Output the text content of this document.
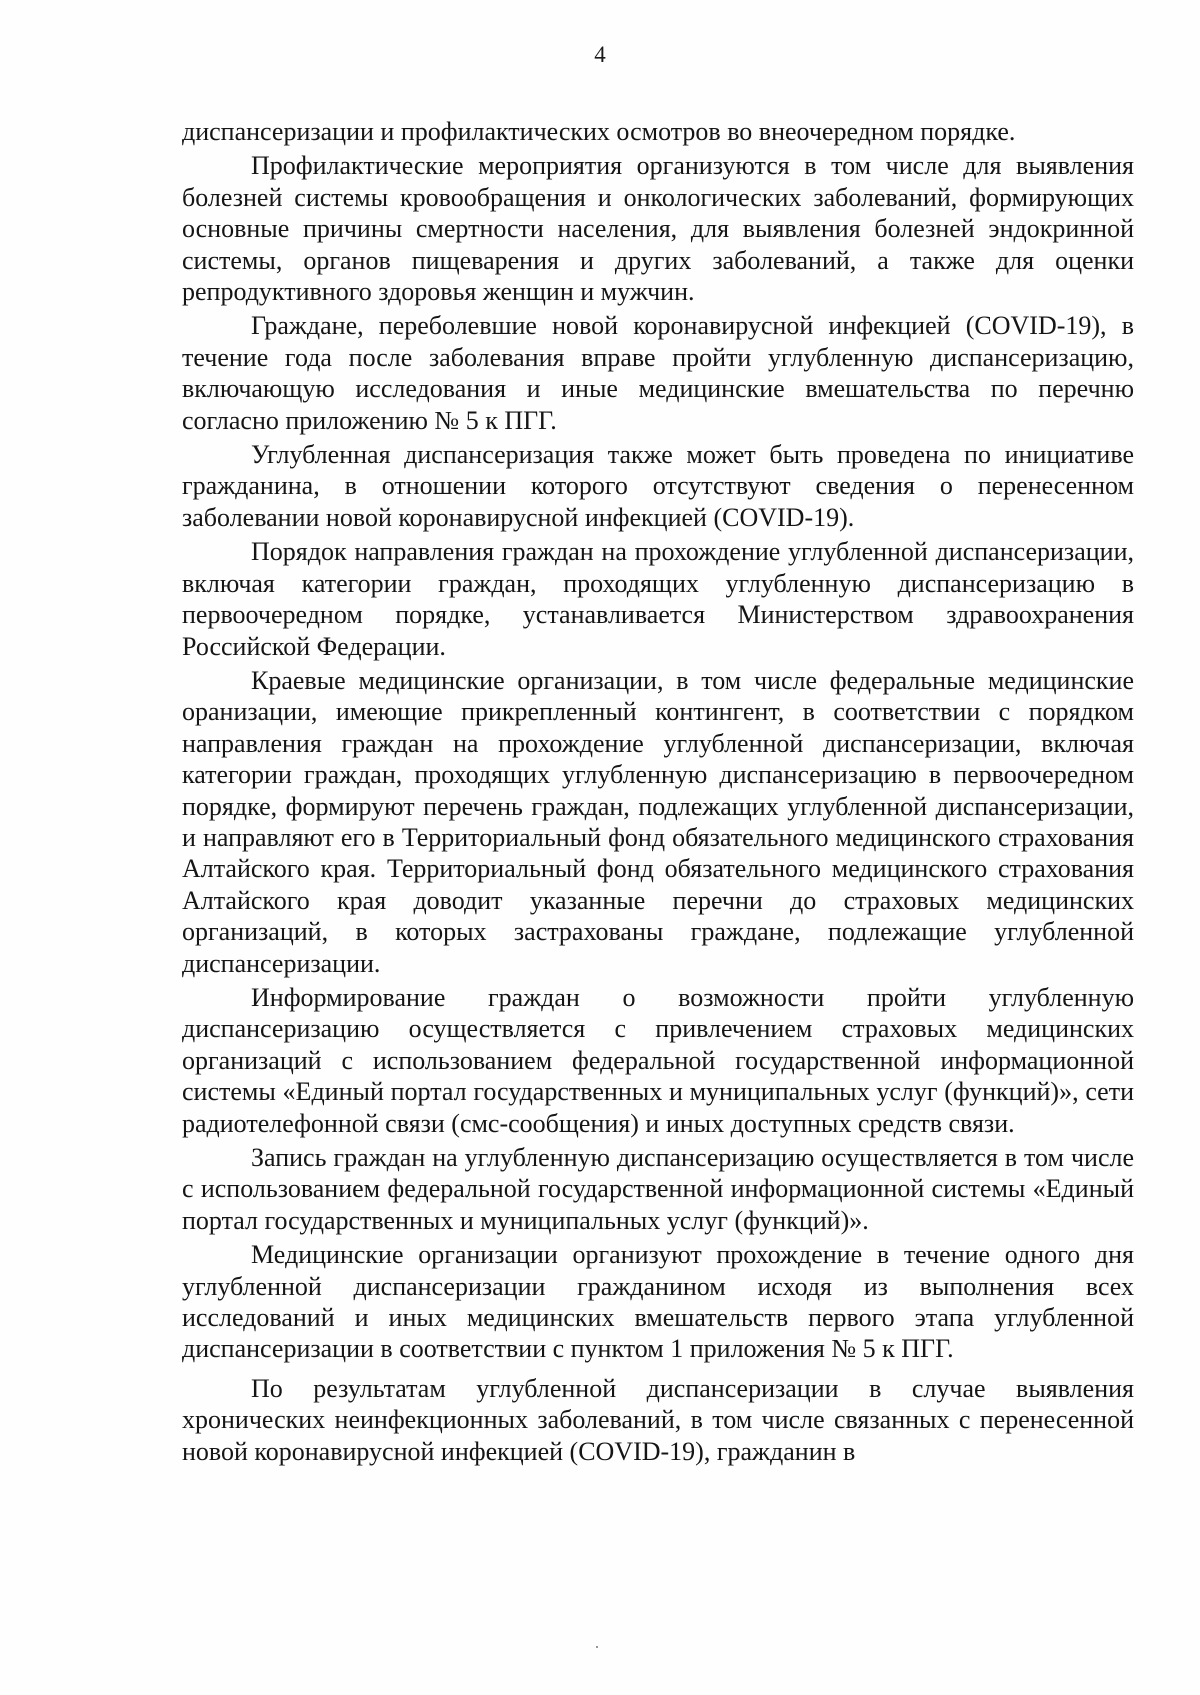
4

диспансеризации и профилактических осмотров во внеочередном порядке.

Профилактические мероприятия организуются в том числе для выявления болезней системы кровообращения и онкологических заболеваний, формирующих основные причины смертности населения, для выявления болезней эндокринной системы, органов пищеварения и других заболеваний, а также для оценки репродуктивного здоровья женщин и мужчин.

Граждане, переболевшие новой коронавирусной инфекцией (COVID-19), в течение года после заболевания вправе пройти углубленную диспансеризацию, включающую исследования и иные медицинские вмешательства по перечню согласно приложению № 5 к ПГГ.

Углубленная диспансеризация также может быть проведена по инициативе гражданина, в отношении которого отсутствуют сведения о перенесенном заболевании новой коронавирусной инфекцией (COVID-19).

Порядок направления граждан на прохождение углубленной диспансеризации, включая категории граждан, проходящих углубленную диспансеризацию в первоочередном порядке, устанавливается Министерством здравоохранения Российской Федерации.

Краевые медицинские организации, в том числе федеральные медицинские оранизации, имеющие прикрепленный контингент, в соответствии с порядком направления граждан на прохождение углубленной диспансеризации, включая категории граждан, проходящих углубленную диспансеризацию в первоочередном порядке, формируют перечень граждан, подлежащих углубленной диспансеризации, и направляют его в Территориальный фонд обязательного медицинского страхования Алтайского края. Территориальный фонд обязательного медицинского страхования Алтайского края доводит указанные перечни до страховых медицинских организаций, в которых застрахованы граждане, подлежащие углубленной диспансеризации.

Информирование граждан о возможности пройти углубленную диспансеризацию осуществляется с привлечением страховых медицинских организаций с использованием федеральной государственной информационной системы «Единый портал государственных и муниципальных услуг (функций)», сети радиотелефонной связи (смс-сообщения) и иных доступных средств связи.

Запись граждан на углубленную диспансеризацию осуществляется в том числе с использованием федеральной государственной информационной системы «Единый портал государственных и муниципальных услуг (функций)».

Медицинские организации организуют прохождение в течение одного дня углубленной диспансеризации гражданином исходя из выполнения всех исследований и иных медицинских вмешательств первого этапа углубленной диспансеризации в соответствии с пунктом 1 приложения № 5 к ПГГ.

По результатам углубленной диспансеризации в случае выявления хронических неинфекционных заболеваний, в том числе связанных с перенесенной новой коронавирусной инфекцией (COVID-19), гражданин в
